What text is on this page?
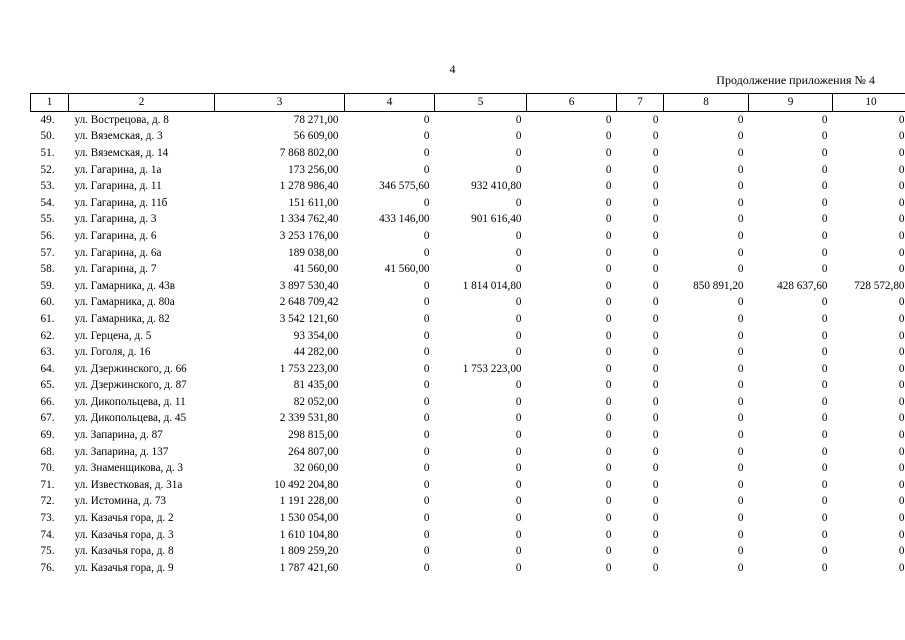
4
Продолжение приложения № 4
1	2	3	4	5	6	7	8	9	10
49.	ул. Вострецова, д. 8	78 271,00	0	0	0	0	0	0	0
50.	ул. Вяземская, д. 3	56 609,00	0	0	0	0	0	0	0
51.	ул. Вяземская, д. 14	7 868 802,00	0	0	0	0	0	0	0
52.	ул. Гагарина, д. 1а	173 256,00	0	0	0	0	0	0	0
53.	ул. Гагарина, д. 11	1 278 986,40	346 575,60	932 410,80	0	0	0	0	0
54.	ул. Гагарина, д. 11б	151 611,00	0	0	0	0	0	0	0
55.	ул. Гагарина, д. 3	1 334 762,40	433 146,00	901 616,40	0	0	0	0	0
56.	ул. Гагарина, д. 6	3 253 176,00	0	0	0	0	0	0	0
57.	ул. Гагарина, д. 6а	189 038,00	0	0	0	0	0	0	0
58.	ул. Гагарина, д. 7	41 560,00	41 560,00	0	0	0	0	0	0
59.	ул. Гамарника, д. 43в	3 897 530,40	0	1 814 014,80	0	0	850 891,20	428 637,60	728 572,80
60.	ул. Гамарника, д. 80а	2 648 709,42	0	0	0	0	0	0	0
61.	ул. Гамарника, д. 82	3 542 121,60	0	0	0	0	0	0	0
62.	ул. Герцена, д. 5	93 354,00	0	0	0	0	0	0	0
63.	ул. Гоголя, д. 16	44 282,00	0	0	0	0	0	0	0
64.	ул. Дзержинского, д. 66	1 753 223,00	0	1 753 223,00	0	0	0	0	0
65.	ул. Дзержинского, д. 87	81 435,00	0	0	0	0	0	0	0
66.	ул. Дикопольцева, д. 11	82 052,00	0	0	0	0	0	0	0
67.	ул. Дикопольцева, д. 45	2 339 531,80	0	0	0	0	0	0	0
69.	ул. Запарина, д. 87	298 815,00	0	0	0	0	0	0	0
68.	ул. Запарина, д. 137	264 807,00	0	0	0	0	0	0	0
70.	ул. Знаменщикова, д. 3	32 060,00	0	0	0	0	0	0	0
71.	ул. Известковая, д. 31а	10 492 204,80	0	0	0	0	0	0	0
72.	ул. Истомина, д. 73	1 191 228,00	0	0	0	0	0	0	0
73.	ул. Казачья гора, д. 2	1 530 054,00	0	0	0	0	0	0	0
74.	ул. Казачья гора, д. 3	1 610 104,80	0	0	0	0	0	0	0
75.	ул. Казачья гора, д. 8	1 809 259,20	0	0	0	0	0	0	0
76.	ул. Казачья гора, д. 9	1 787 421,60	0	0	0	0	0	0	0
